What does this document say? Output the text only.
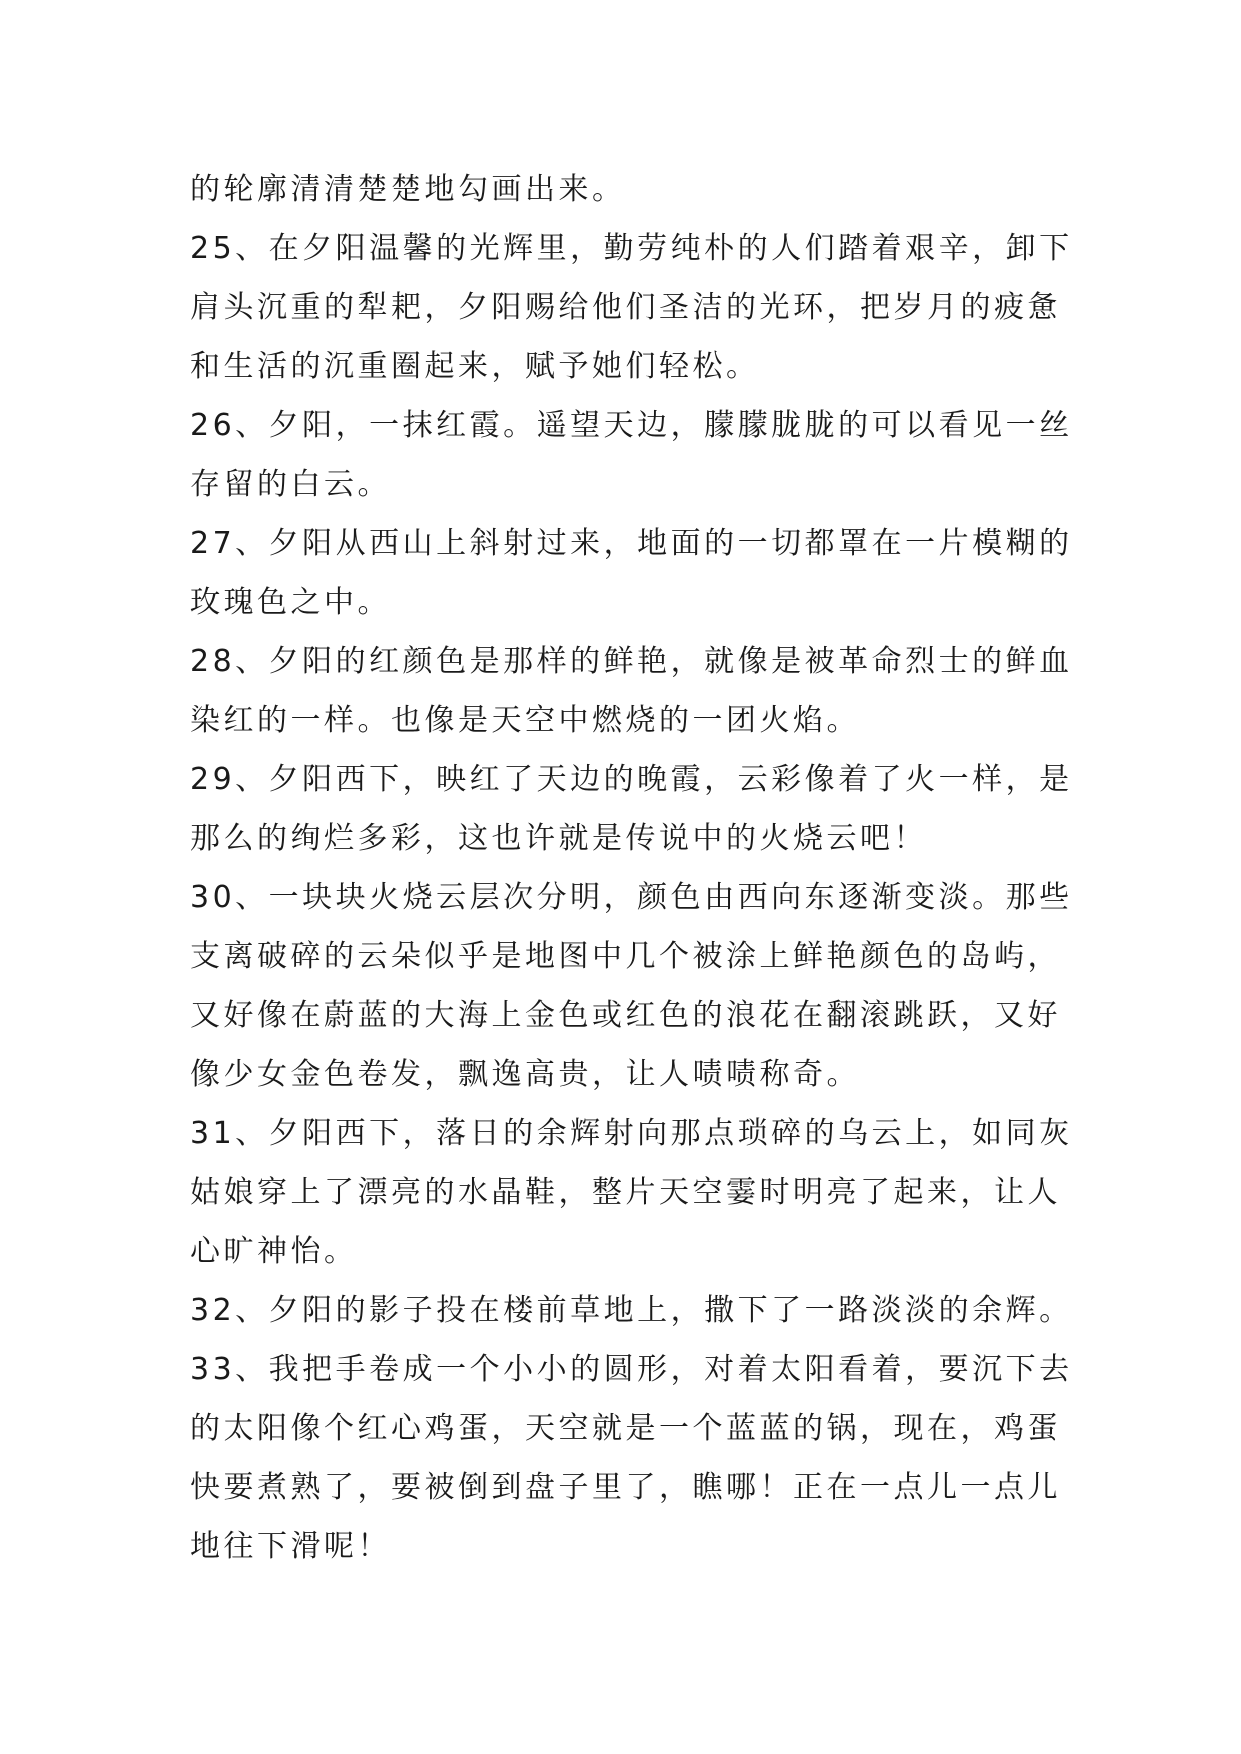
的轮廓清清楚楚地勾画出来。
25、在夕阳温馨的光辉里，勤劳纯朴的人们踏着艰辛，卸下
肩头沉重的犁耙，夕阳赐给他们圣洁的光环，把岁月的疲惫
和生活的沉重圈起来，赋予她们轻松。
26、夕阳，一抹红霞。遥望天边，朦朦胧胧的可以看见一丝
存留的白云。
27、夕阳从西山上斜射过来，地面的一切都罩在一片模糊的
玫瑰色之中。
28、夕阳的红颜色是那样的鲜艳，就像是被革命烈士的鲜血
染红的一样。也像是天空中燃烧的一团火焰。
29、夕阳西下，映红了天边的晚霞，云彩像着了火一样，是
那么的绚烂多彩，这也许就是传说中的火烧云吧！
30、一块块火烧云层次分明，颜色由西向东逐渐变淡。那些
支离破碎的云朵似乎是地图中几个被涂上鲜艳颜色的岛屿，
又好像在蔚蓝的大海上金色或红色的浪花在翻滚跳跃，又好
像少女金色卷发，飘逸高贵，让人啧啧称奇。
31、夕阳西下，落日的余辉射向那点琐碎的乌云上，如同灰
姑娘穿上了漂亮的水晶鞋，整片天空霎时明亮了起来，让人
心旷神怡。
32、夕阳的影子投在楼前草地上，撒下了一路淡淡的余辉。
33、我把手卷成一个小小的圆形，对着太阳看着，要沉下去
的太阳像个红心鸡蛋，天空就是一个蓝蓝的锅，现在，鸡蛋
快要煮熟了，要被倒到盘子里了，瞧哪！正在一点儿一点儿
地往下滑呢！
